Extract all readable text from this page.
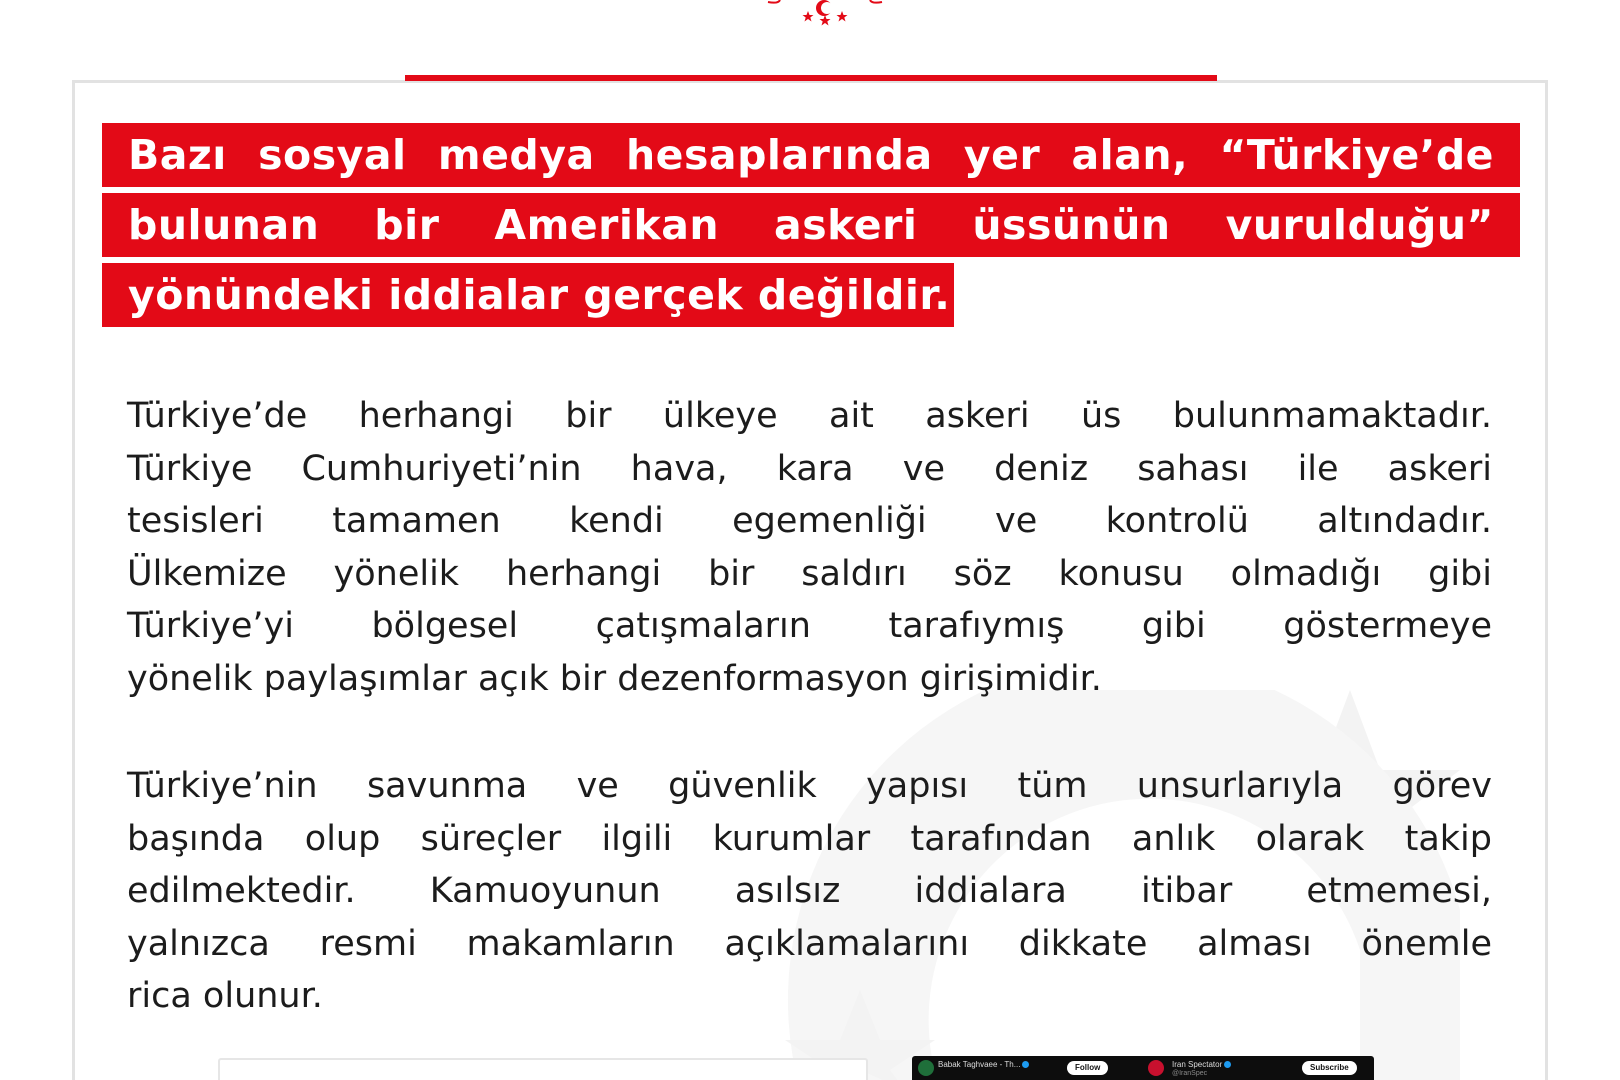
Bazı sosyal medya hesaplarında yer alan, “Türkiye’de
bulunan bir Amerikan askeri üssünün vurulduğu”
yönündeki iddialar gerçek değildir.
Türkiye’de herhangi bir ülkeye ait askeri üs bulunmamaktadır.
Türkiye Cumhuriyeti’nin hava, kara ve deniz sahası ile askeri
tesisleri tamamen kendi egemenliği ve kontrolü altındadır.
Ülkemize yönelik herhangi bir saldırı söz konusu olmadığı gibi
Türkiye’yi bölgesel çatışmaların tarafıymış gibi göstermeye
yönelik paylaşımlar açık bir dezenformasyon girişimidir.
Türkiye’nin savunma ve güvenlik yapısı tüm unsurlarıyla görev
başında olup süreçler ilgili kurumlar tarafından anlık olarak takip
edilmektedir. Kamuoyunun asılsız iddialara itibar etmemesi,
yalnızca resmi makamların açıklamalarını dikkate alması önemle
rica olunur.
Babak Taghvaee - Th...	Follow	Iran Spectator
@IranSpec
Subscribe
